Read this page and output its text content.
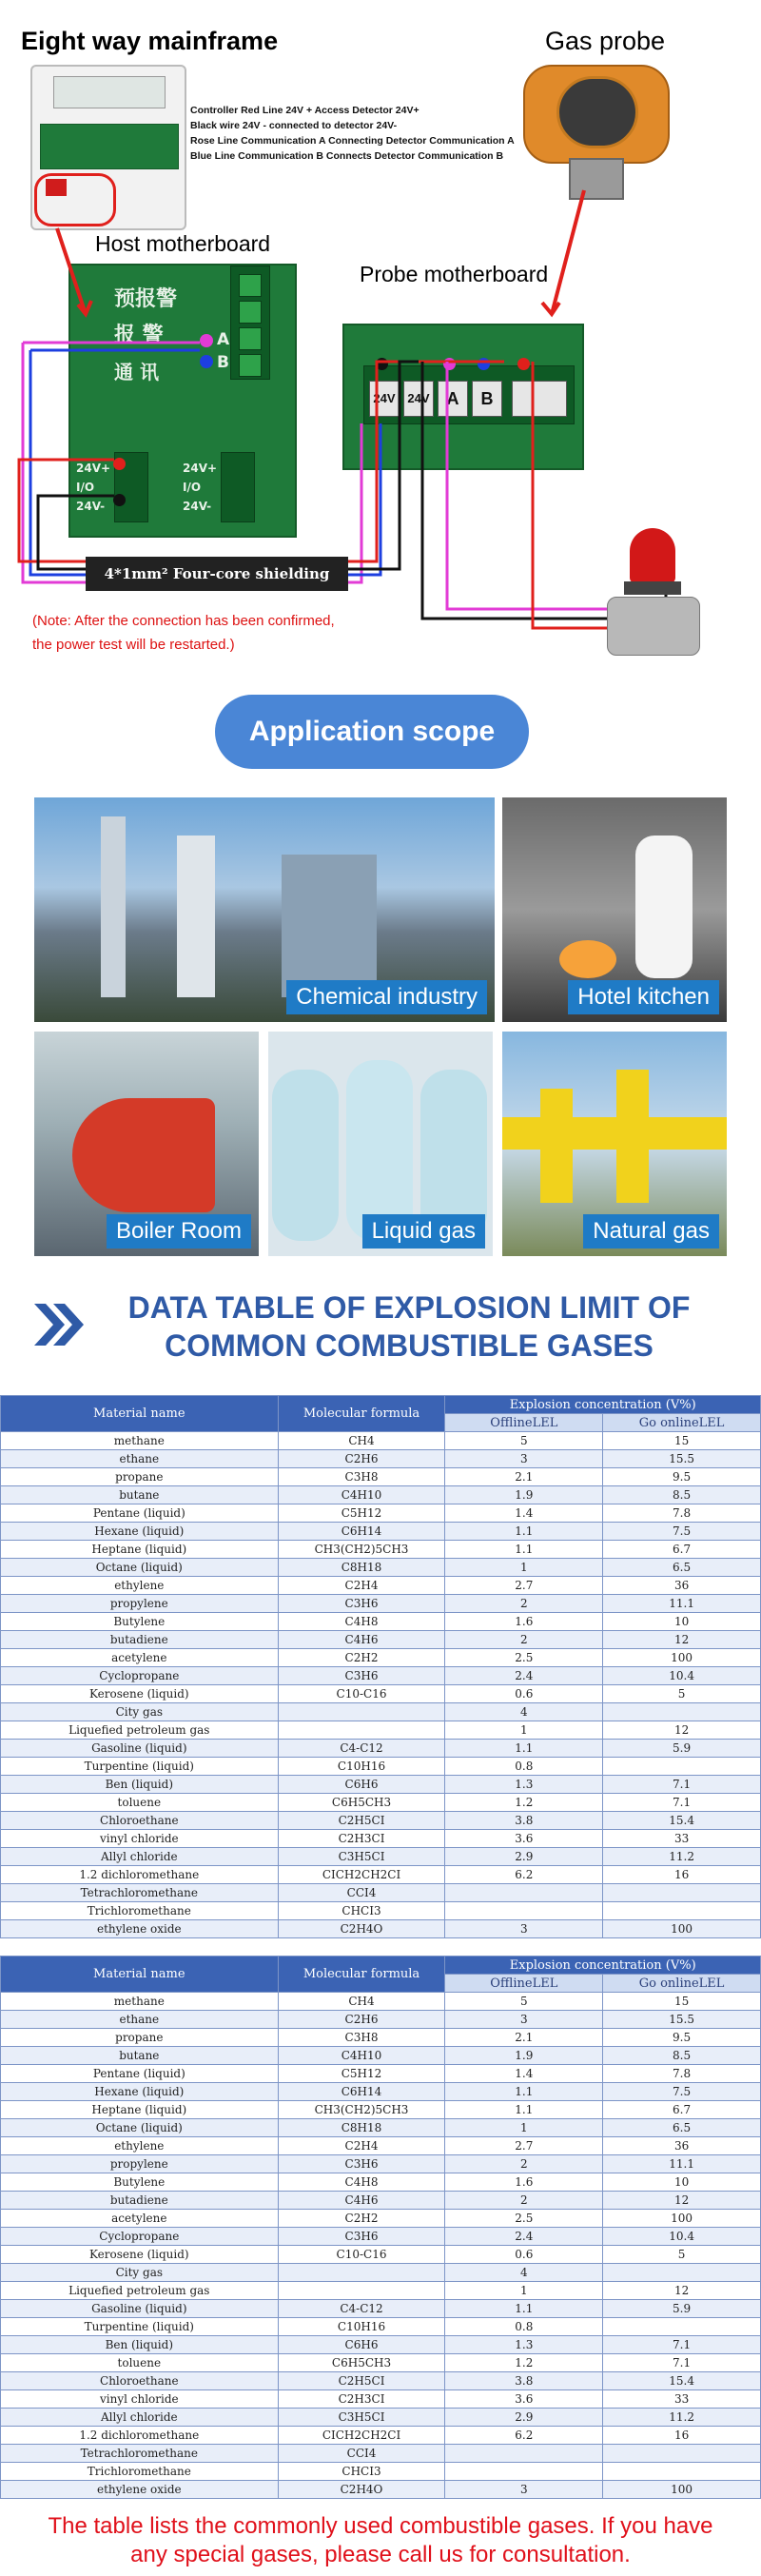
Eight way mainframe	Gas probe
Controller Red Line 24V + Access Detector 24V+
Black wire 24V - connected to detector 24V-
Rose Line Communication A Connecting Detector Communication A
Blue Line Communication B Connects Detector Communication B
Host motherboard
预报警
报 警
通 讯
A
B
24V+
I/O
24V-
24V+
I/O
24V-
Probe motherboard
24V 24V A	B
4*1mm² Four-core shielding wire
(Note: After the connection has been confirmed,
the power test will be restarted.)
Application scope
Chemical industry	Hotel kitchen
Boiler Room	Liquid gas	Natural gas
DATA TABLE OF EXPLOSION LIMIT OF
COMMON COMBUSTIBLE GASES
Material name	Molecular formula	Explosion concentration (V%)	
		OfflineLEL	Go onlineLEL
methane	CH4	5	15
ethane	C2H6	3	15.5
propane	C3H8	2.1	9.5
butane	C4H10	1.9	8.5
Pentane (liquid)	C5H12	1.4	7.8
Hexane (liquid)	C6H14	1.1	7.5
Heptane (liquid)	CH3(CH2)5CH3	1.1	6.7
Octane (liquid)	C8H18	1	6.5
ethylene	C2H4	2.7	36
propylene	C3H6	2	11.1
Butylene	C4H8	1.6	10
butadiene	C4H6	2	12
acetylene	C2H2	2.5	100
Cyclopropane	C3H6	2.4	10.4
Kerosene (liquid)	C10-C16	0.6	5
City gas		4	
Liquefied petroleum gas		1	12
Gasoline (liquid)	C4-C12	1.1	5.9
Turpentine (liquid)	C10H16	0.8	
Ben (liquid)	C6H6	1.3	7.1
toluene	C6H5CH3	1.2	7.1
Chloroethane	C2H5CI	3.8	15.4
vinyl chloride	C2H3CI	3.6	33
Allyl chloride	C3H5CI	2.9	11.2
1.2 dichloromethane	CICH2CH2CI	6.2	16
Tetrachloromethane	CCI4		
Trichloromethane	CHCI3		
ethylene oxide	C2H4O	3	100
Material name	Molecular formula	Explosion concentration (V%)	
		OfflineLEL	Go onlineLEL
methane	CH4	5	15
ethane	C2H6	3	15.5
propane	C3H8	2.1	9.5
butane	C4H10	1.9	8.5
Pentane (liquid)	C5H12	1.4	7.8
Hexane (liquid)	C6H14	1.1	7.5
Heptane (liquid)	CH3(CH2)5CH3	1.1	6.7
Octane (liquid)	C8H18	1	6.5
ethylene	C2H4	2.7	36
propylene	C3H6	2	11.1
Butylene	C4H8	1.6	10
butadiene	C4H6	2	12
acetylene	C2H2	2.5	100
Cyclopropane	C3H6	2.4	10.4
Kerosene (liquid)	C10-C16	0.6	5
City gas		4	
Liquefied petroleum gas		1	12
Gasoline (liquid)	C4-C12	1.1	5.9
Turpentine (liquid)	C10H16	0.8	
Ben (liquid)	C6H6	1.3	7.1
toluene	C6H5CH3	1.2	7.1
Chloroethane	C2H5CI	3.8	15.4
vinyl chloride	C2H3CI	3.6	33
Allyl chloride	C3H5CI	2.9	11.2
1.2 dichloromethane	CICH2CH2CI	6.2	16
Tetrachloromethane	CCI4		
Trichloromethane	CHCI3		
ethylene oxide	C2H4O	3	100
The table lists the commonly used combustible gases. If you have
any special gases, please call us for consultation.
